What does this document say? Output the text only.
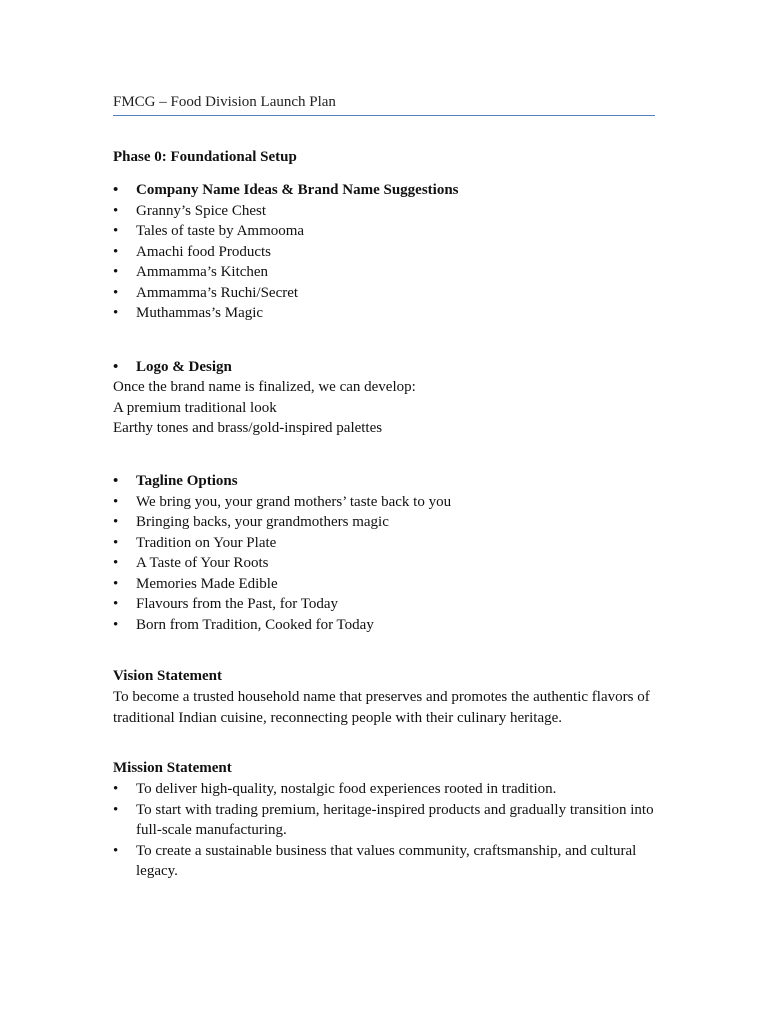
FMCG – Food Division Launch Plan
Phase 0: Foundational Setup
• Company Name Ideas & Brand Name Suggestions
• Granny’s Spice Chest
• Tales of taste by Ammooma
• Amachi food Products
• Ammamma’s Kitchen
• Ammamma’s Ruchi/Secret
• Muthammas’s Magic
• Logo & Design

Once the brand name is finalized, we can develop:

A premium traditional look

Earthy tones and brass/gold-inspired palettes

• Tagline Options
• We bring you, your grand mothers’ taste back to you
• Bringing backs, your grandmothers magic
• Tradition on Your Plate
• A Taste of Your Roots
• Memories Made Edible
• Flavours from the Past, for Today
• Born from Tradition, Cooked for Today
Vision Statement
To become a trusted household name that preserves and promotes the authentic flavors of traditional Indian cuisine, reconnecting people with their culinary heritage.
Mission Statement
• To deliver high-quality, nostalgic food experiences rooted in tradition.
• To start with trading premium, heritage-inspired products and gradually transition into full-scale manufacturing.
• To create a sustainable business that values community, craftsmanship, and cultural legacy.
